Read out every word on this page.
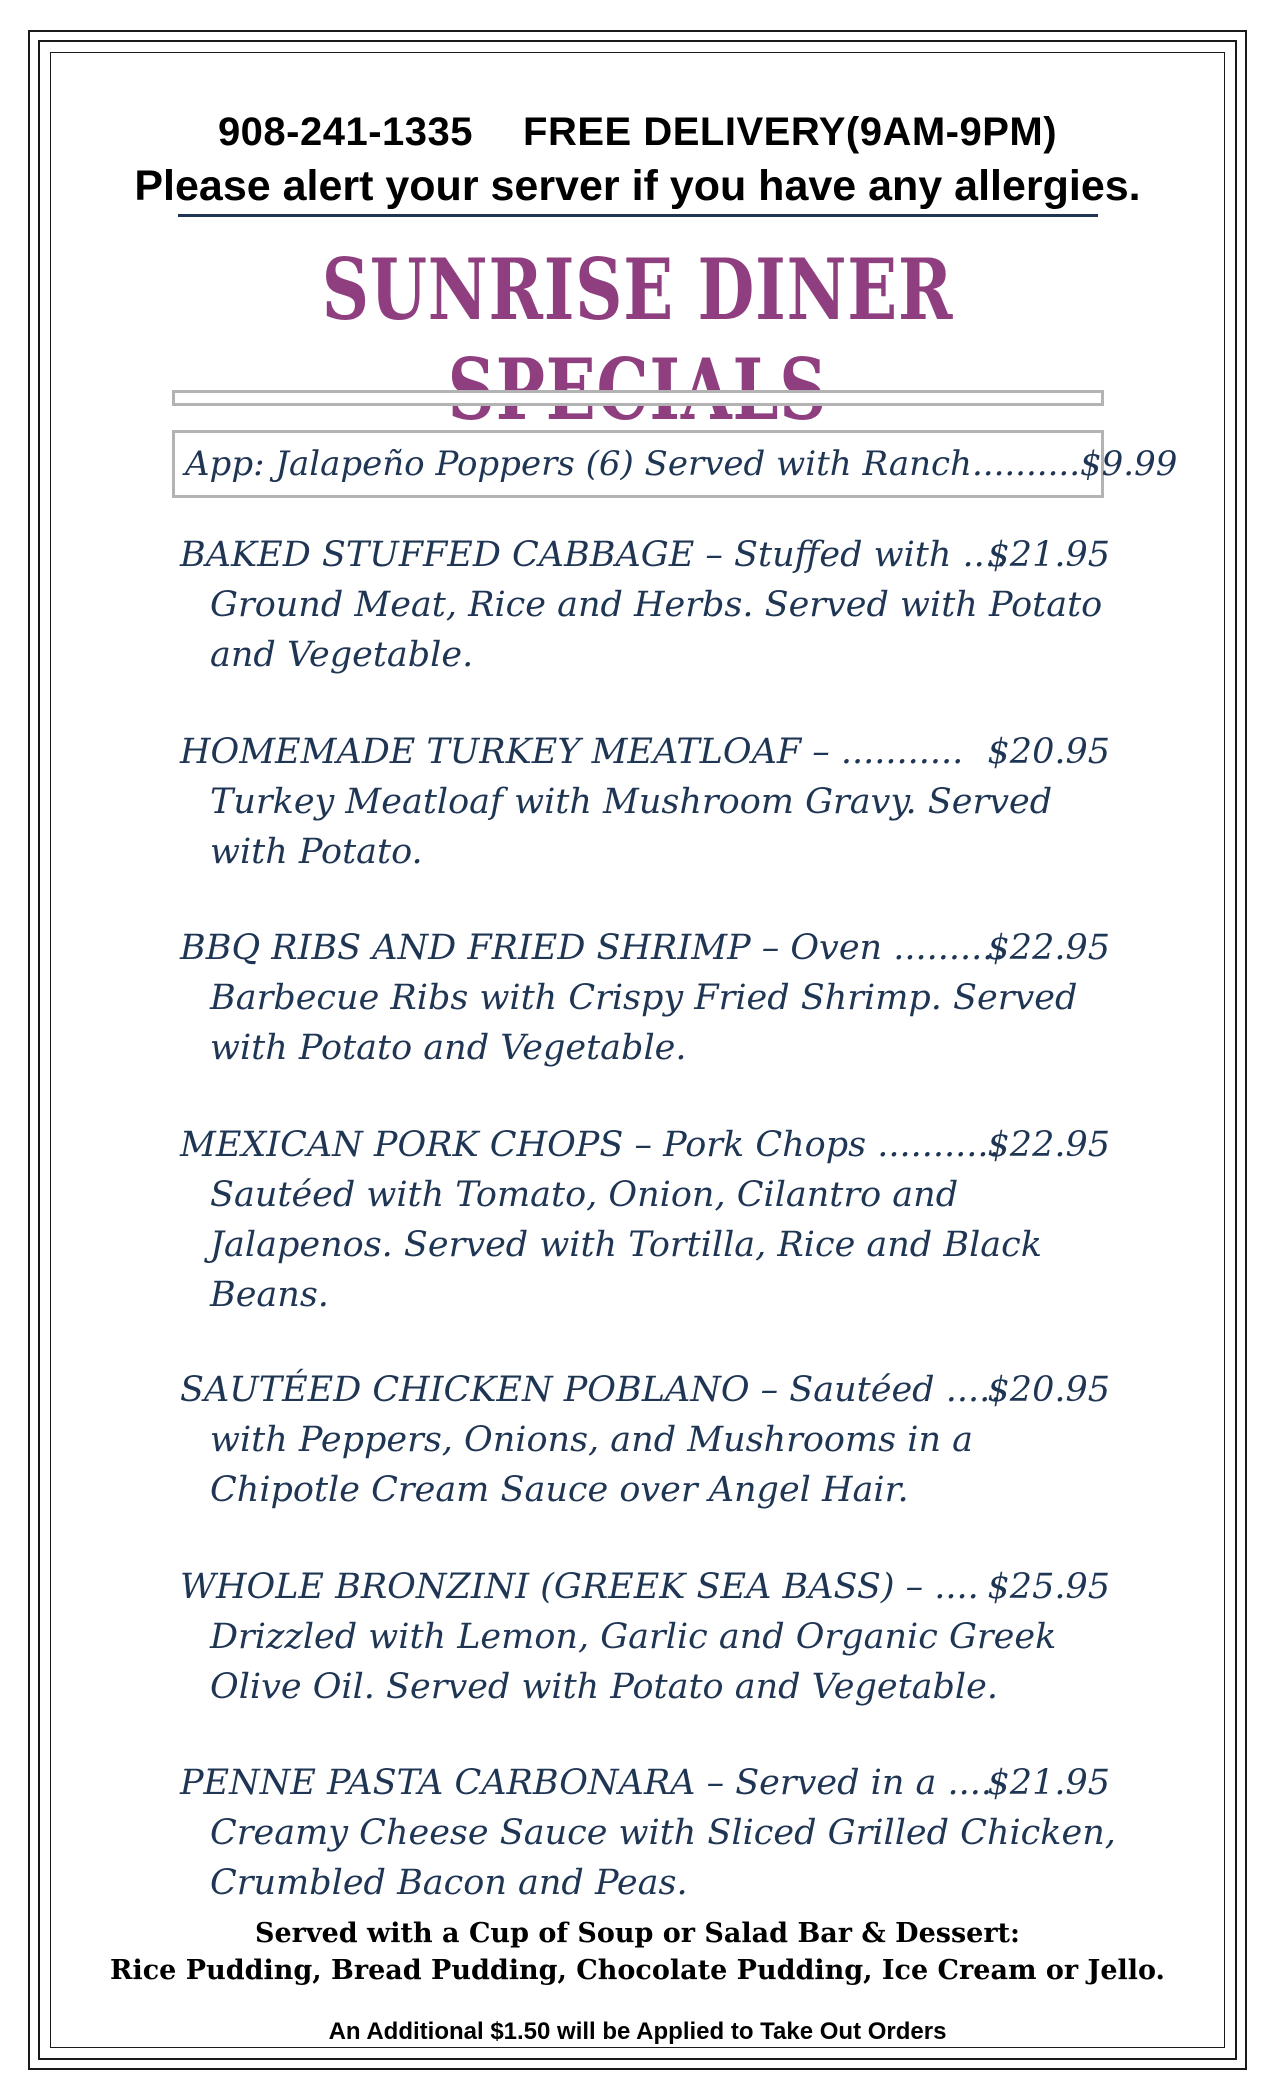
908-241-1335 FREE DELIVERY(9AM-9PM)
Please alert your server if you have any allergies.
SUNRISE DINER
App: Jalapeño Poppers (6) Served with Ranch..........$9.99
BAKED STUFFED CABBAGE – Stuffed with ....
$21.95
Ground Meat, Rice and Herbs. Served with Potato
and Vegetable.
HOMEMADE TURKEY MEATLOAF – ........... $20.95
Turkey Meatloaf with Mushroom Gravy. Served
with Potato.
BBQ RIBS AND FRIED SHRIMP – Oven ..........
$22.95
Barbecue Ribs with Crispy Fried Shrimp. Served
with Potato and Vegetable.
MEXICAN PORK CHOPS – Pork Chops ...........
$22.95
Sautéed with Tomato, Onion, Cilantro and
Jalapenos. Served with Tortilla, Rice and Black
Beans.
SAUTÉED CHICKEN POBLANO – Sautéed .....
$20.95
with Peppers, Onions, and Mushrooms in a
Chipotle Cream Sauce over Angel Hair.
WHOLE BRONZINI (GREEK SEA BASS) – .... $25.95
Drizzled with Lemon, Garlic and Organic Greek
Olive Oil. Served with Potato and Vegetable.
PENNE PASTA CARBONARA – Served in a ....
$21.95
Creamy Cheese Sauce with Sliced Grilled Chicken,
Crumbled Bacon and Peas.
Served with a Cup of Soup or Salad Bar & Dessert:
Rice Pudding, Bread Pudding, Chocolate Pudding, Ice Cream or Jello.
An Additional $1.50 will be Applied to Take Out Orders
